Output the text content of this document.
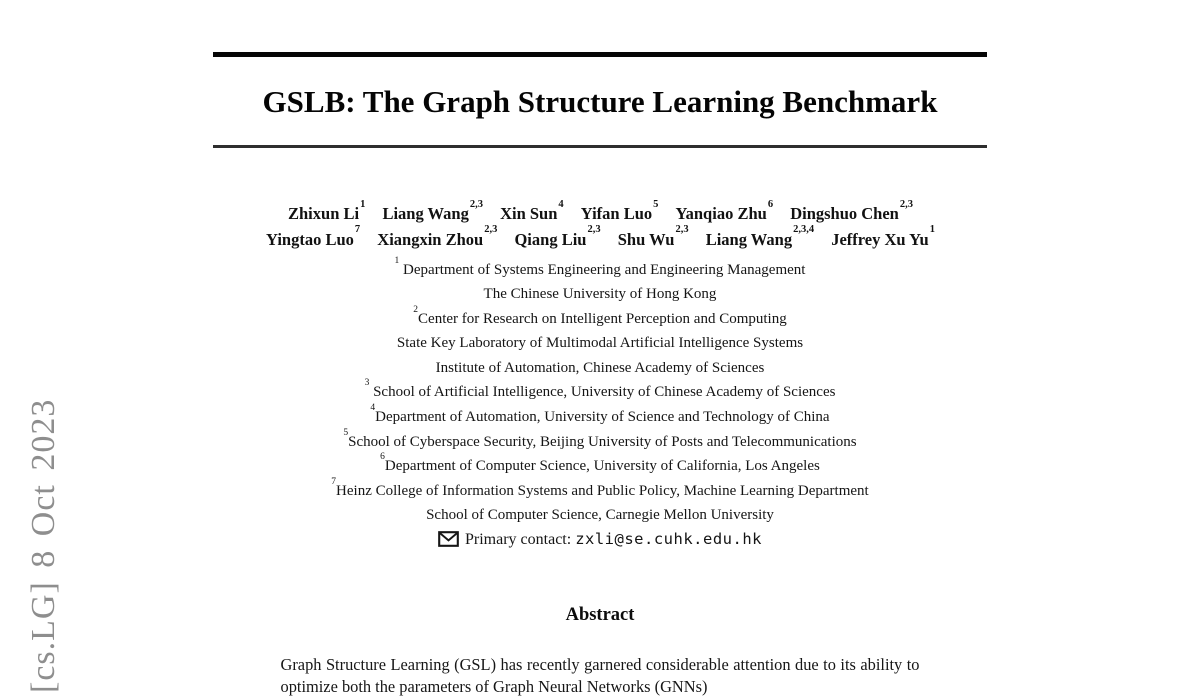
[cs.LG] 8 Oct 2023
GSLB: The Graph Structure Learning Benchmark
Zhixun Li$^1$ Liang Wang$^{2,3}$ Xin Sun$^4$ Yifan Luo$^5$ Yanqiao Zhu$^6$ Dingshuo Chen$^{2,3}$
Yingtao Luo$^7$ Xiangxin Zhou$^{2,3}$ Qiang Liu$^{2,3}$ Shu Wu$^{2,3}$ Liang Wang$^{2,3,4}$ Jeffrey Xu Yu$^1$
$^1$ Department of Systems Engineering and Engineering Management
The Chinese University of Hong Kong
$^2$Center for Research on Intelligent Perception and Computing
State Key Laboratory of Multimodal Artificial Intelligence Systems
Institute of Automation, Chinese Academy of Sciences
$^3$ School of Artificial Intelligence, University of Chinese Academy of Sciences
$^4$Department of Automation, University of Science and Technology of China
$^5$School of Cyberspace Security, Beijing University of Posts and Telecommunications
$^6$Department of Computer Science, University of California, Los Angeles
$^7$Heinz College of Information Systems and Public Policy, Machine Learning Department
School of Computer Science, Carnegie Mellon University
Primary contact: zxli@se.cuhk.edu.hk
Abstract
Graph Structure Learning (GSL) has recently garnered considerable attention due to its ability to optimize both the parameters of Graph Neural Networks (GNNs)
